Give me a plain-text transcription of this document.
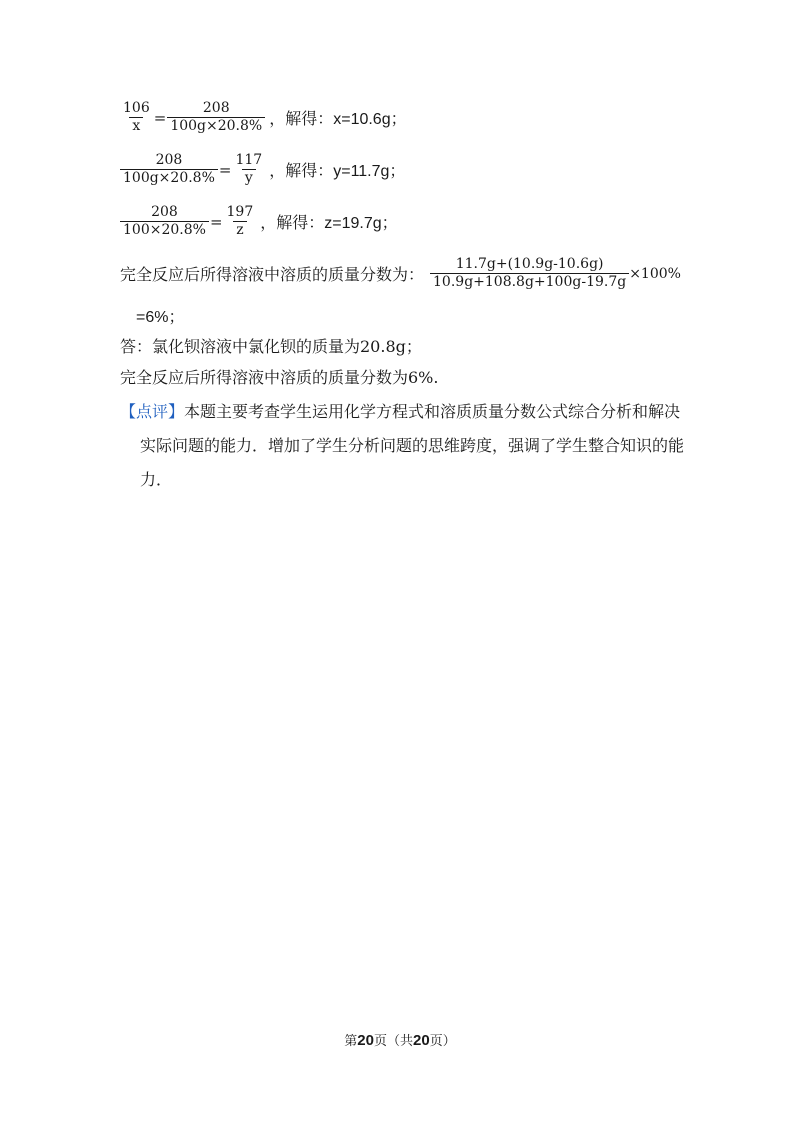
$\frac{106}{x} = \frac{208}{100g\times 20.8\%}$ ，解得： x=10.6g；
$\frac{208}{100g\times 20.8\%} = \frac{117}{y}$ ，解得： y=11.7g；
$\frac{208}{100\times 20.8\%} = \frac{197}{z}$ ，解得： z=19.7g；
完全反应后所得溶液中溶质的质量分数为： $\frac{11.7g+(10.9g-10.6g)}{10.9g+108.8g+100g-19.7g} \times 100\%$
=6%；
答：氯化钡溶液中氯化钡的质量为20.8g；
完全反应后所得溶液中溶质的质量分数为6%.
【点评】本题主要考查学生运用化学方程式和溶质质量分数公式综合分析和解决
实际问题的能力．增加了学生分析问题的思维跨度，强调了学生整合知识的能力．
第20页（共20页）
